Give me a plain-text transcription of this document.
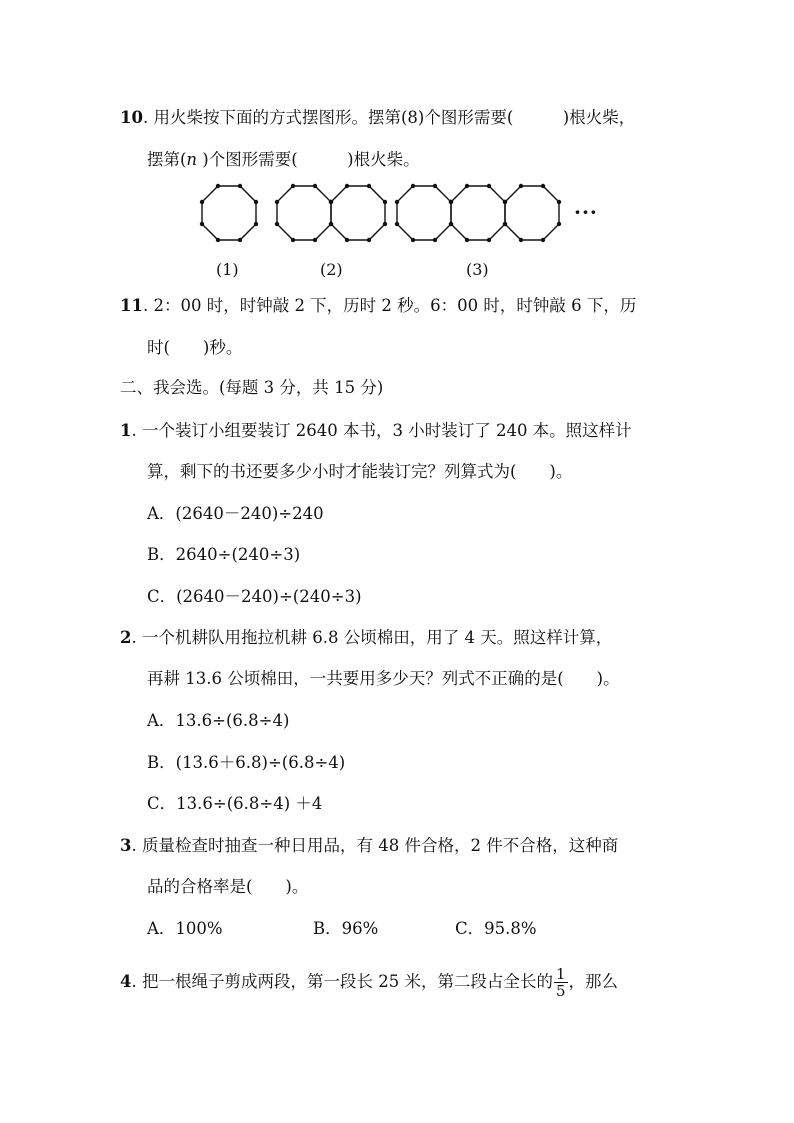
10. 用火柴按下面的方式摆图形。摆第(8)个图形需要(　　　)根火柴，
摆第(𝑛 )个图形需要(　　　)根火柴。
(1)	(2)	(3)
···
11. 2：00 时，时钟敲 2 下，历时 2 秒。6：00 时，时钟敲 6 下，历
时(　　)秒。
二、我会选。(每题 3 分，共 15 分)
1. 一个装订小组要装订 2640 本书，3 小时装订了 240 本。照这样计
算，剩下的书还要多少小时才能装订完？列算式为(　　)。
A．(2640－240)÷240
B．2640÷(240÷3)
C．(2640－240)÷(240÷3)
2. 一个机耕队用拖拉机耕 6.8 公顷棉田，用了 4 天。照这样计算，
再耕 13.6 公顷棉田，一共要用多少天？列式不正确的是(　　)。
A．13.6÷(6.8÷4)
B．(13.6＋6.8)÷(6.8÷4)
C．13.6÷(6.8÷4) ＋4
3. 质量检查时抽查一种日用品，有 48 件合格，2 件不合格，这种商
品的合格率是(　　)。
A．100%	B．96%	C．95.8%
4. 把一根绳子剪成两段，第一段长 25 米，第二段占全长的 $\frac{1}{5}$ ，那么
